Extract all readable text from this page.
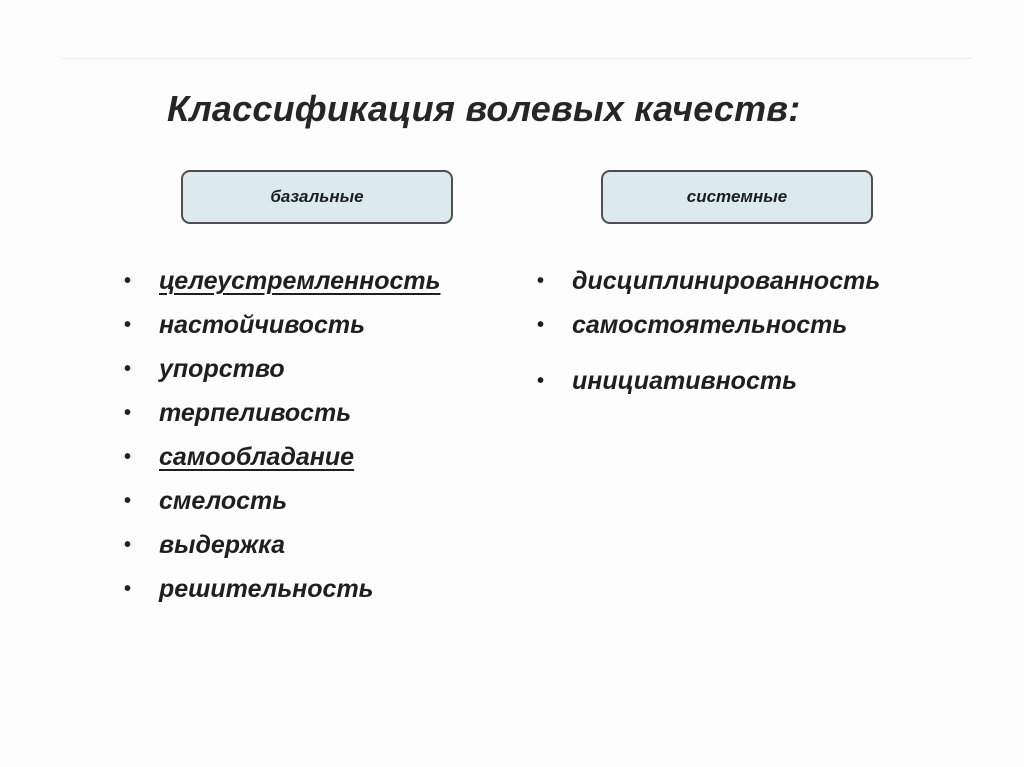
Классификация волевых качеств:
базальные	системные
• целеустремленность
• настойчивость
• упорство
• терпеливость
• самообладание
• смелость
• выдержка
• решительность
• дисциплинированность
• самостоятельность
• инициативность
